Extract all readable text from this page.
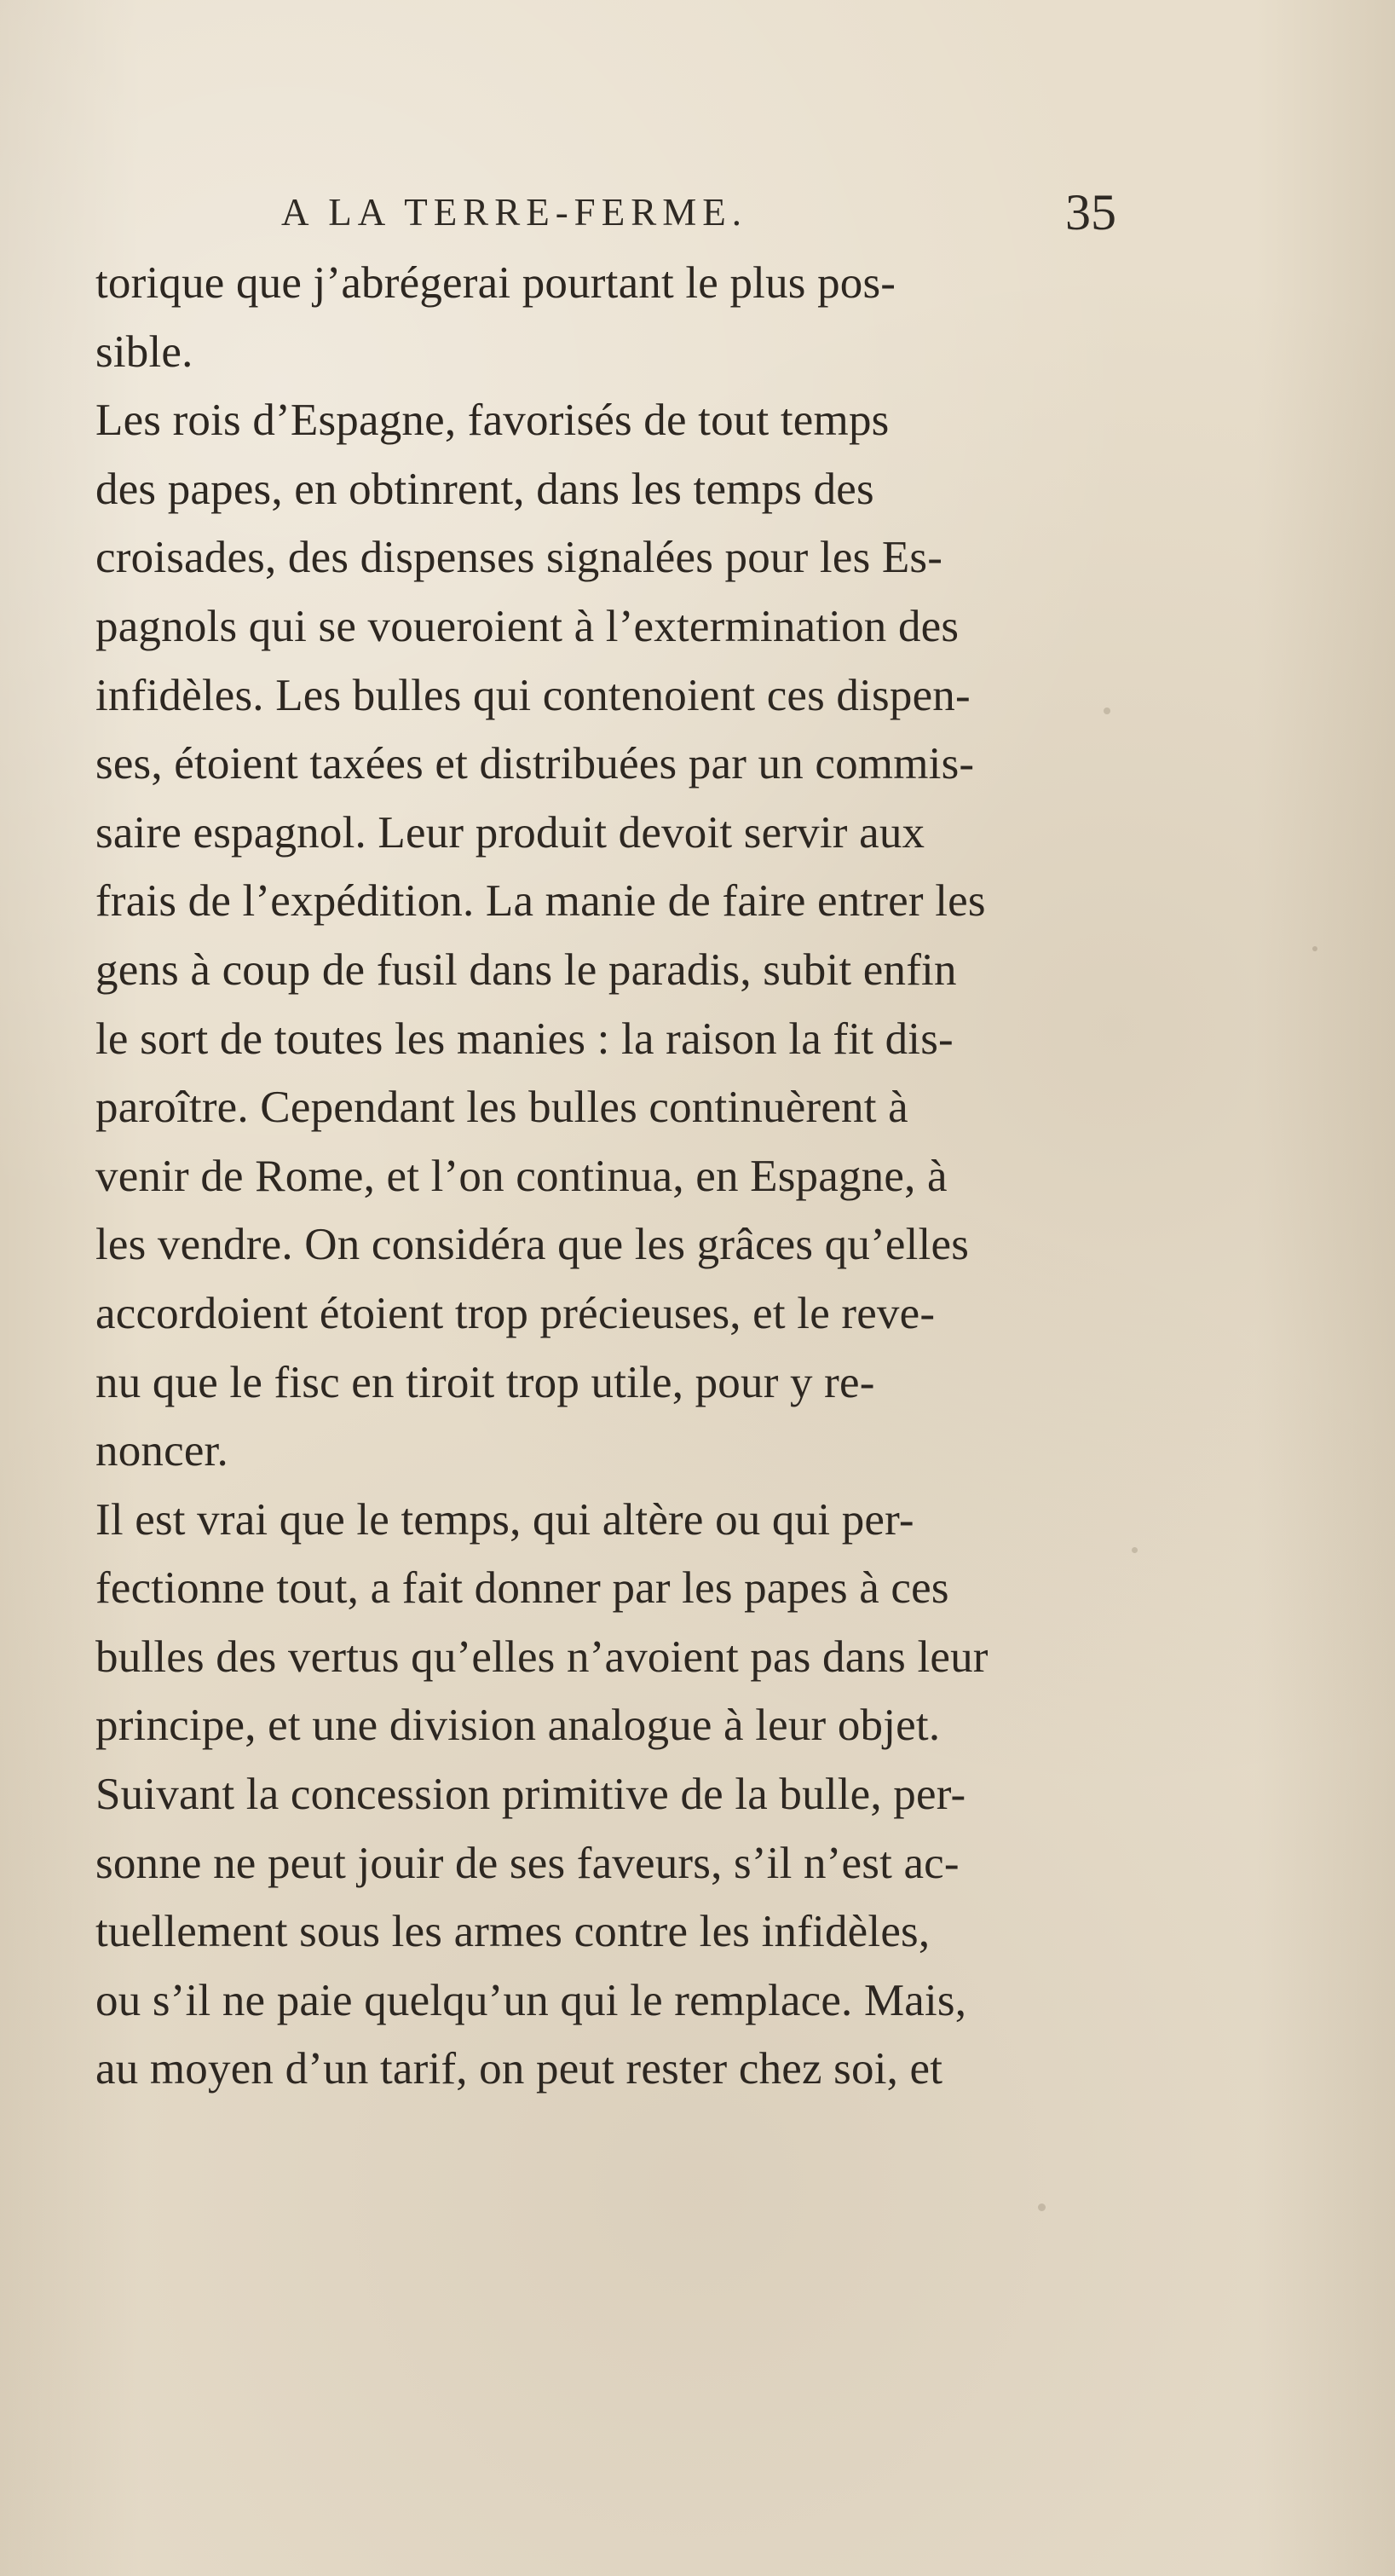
A LA TERRE-FERME.	35
torique que j’abrégerai pourtant le plus pos-
sible.
Les rois d’Espagne, favorisés de tout temps
des papes, en obtinrent, dans les temps des
croisades, des dispenses signalées pour les Es-
pagnols qui se voueroient à l’extermination des
infidèles. Les bulles qui contenoient ces dispen-
ses, étoient taxées et distribuées par un commis-
saire espagnol. Leur produit devoit servir aux
frais de l’expédition. La manie de faire entrer les
gens à coup de fusil dans le paradis, subit enfin
le sort de toutes les manies : la raison la fit dis-
paroître. Cependant les bulles continuèrent à
venir de Rome, et l’on continua, en Espagne, à
les vendre. On considéra que les grâces qu’elles
accordoient étoient trop précieuses, et le reve-
nu que le fisc en tiroit trop utile, pour y re-
noncer.
Il est vrai que le temps, qui altère ou qui per-
fectionne tout, a fait donner par les papes à ces
bulles des vertus qu’elles n’avoient pas dans leur
principe, et une division analogue à leur objet.
Suivant la concession primitive de la bulle, per-
sonne ne peut jouir de ses faveurs, s’il n’est ac-
tuellement sous les armes contre les infidèles,
ou s’il ne paie quelqu’un qui le remplace. Mais,
au moyen d’un tarif, on peut rester chez soi, et
